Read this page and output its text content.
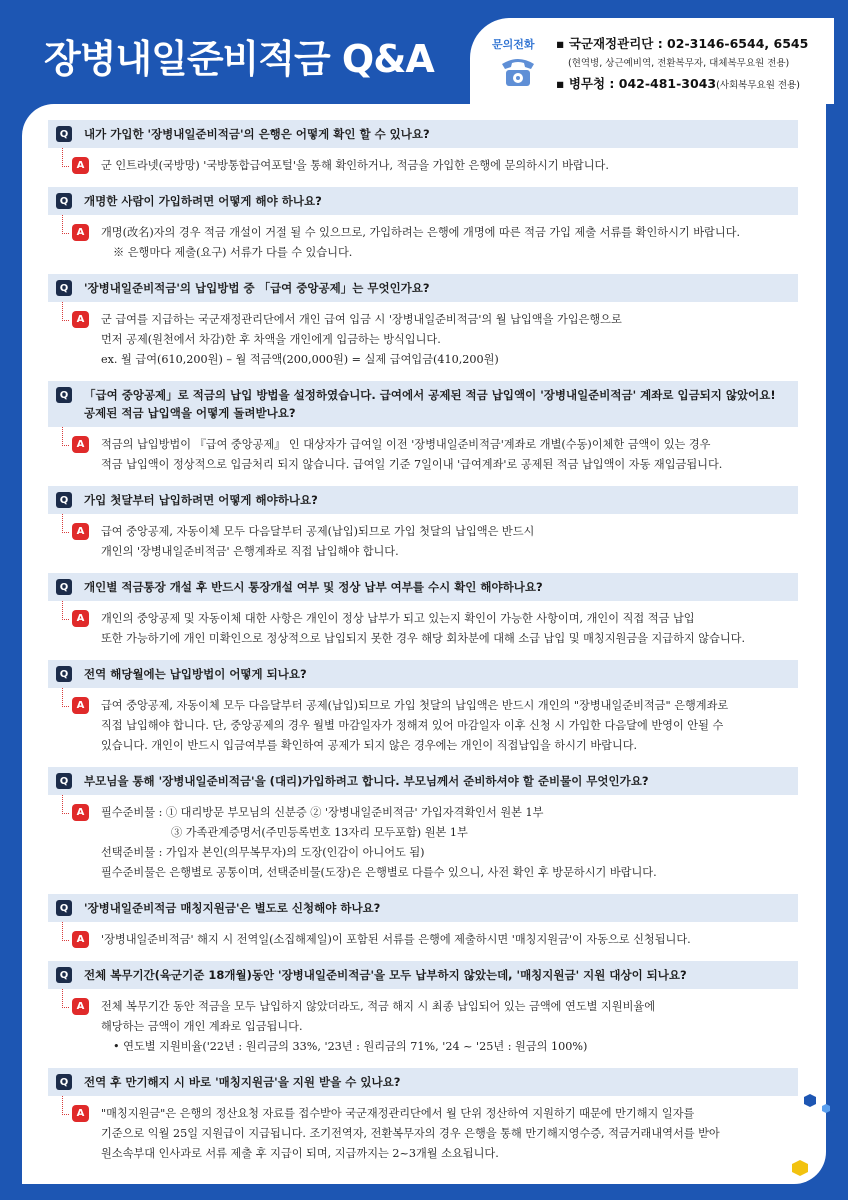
장병내일준비적금 Q&A	문의전화 ▪ 국군재정관리단 : 02-3146-6544, 6545
(현역병, 상근예비역, 전환복무자, 대체복무요원 전용)
▪ 병무청 : 042-481-3043(사회복무요원 전용)
Q	내가 가입한 '장병내일준비적금'의 은행은 어떻게 확인 할 수 있나요?
A	군 인트라넷(국방망) '국방통합급여포털'을 통해 확인하거나, 적금을 가입한 은행에 문의하시기 바랍니다.
Q	개명한 사람이 가입하려면 어떻게 해야 하나요?
A	개명(改名)자의 경우 적금 개설이 거절 될 수 있으므로, 가입하려는 은행에 개명에 따른 적금 가입 제출 서류를 확인하시기 바랍니다.
※ 은행마다 제출(요구) 서류가 다를 수 있습니다.
Q	'장병내일준비적금'의 납입방법 중 「급여 중앙공제」는 무엇인가요?
A	군 급여를 지급하는 국군재정관리단에서 개인 급여 입금 시 '장병내일준비적금'의 월 납입액을 가입은행으로
먼저 공제(원천에서 차감)한 후 차액을 개인에게 입금하는 방식입니다.
ex. 월 급여(610,200원) – 월 적금액(200,000원) = 실제 급여입금(410,200원)
Q	「급여 중앙공제」로 적금의 납입 방법을 설정하였습니다. 급여에서 공제된 적금 납입액이 '장병내일준비적금' 계좌로 입금되지 않았어요!
공제된 적금 납입액을 어떻게 돌려받나요?
A	적금의 납입방법이 『급여 중앙공제』 인 대상자가 급여일 이전 '장병내일준비적금'계좌로 개별(수동)이체한 금액이 있는 경우
적금 납입액이 정상적으로 입금처리 되지 않습니다. 급여일 기준 7일이내 '급여계좌'로 공제된 적금 납입액이 자동 재입금됩니다.
Q	가입 첫달부터 납입하려면 어떻게 해야하나요?
A	급여 중앙공제, 자동이체 모두 다음달부터 공제(납입)되므로 가입 첫달의 납입액은 반드시
개인의 '장병내일준비적금' 은행계좌로 직접 납입해야 합니다.
Q	개인별 적금통장 개설 후 반드시 통장개설 여부 및 정상 납부 여부를 수시 확인 해야하나요?
A	개인의 중앙공제 및 자동이체 대한 사항은 개인이 정상 납부가 되고 있는지 확인이 가능한 사항이며, 개인이 직접 적금 납입
또한 가능하기에 개인 미확인으로 정상적으로 납입되지 못한 경우 해당 회차분에 대해 소급 납입 및 매칭지원금을 지급하지 않습니다.
Q	전역 해당월에는 납입방법이 어떻게 되나요?
A	급여 중앙공제, 자동이체 모두 다음달부터 공제(납입)되므로 가입 첫달의 납입액은 반드시 개인의 "장병내일준비적금" 은행계좌로
직접 납입해야 합니다. 단, 중앙공제의 경우 월별 마감일자가 정해져 있어 마감일자 이후 신청 시 가입한 다음달에 반영이 안될 수
있습니다. 개인이 반드시 입금여부를 확인하여 공제가 되지 않은 경우에는 개인이 직접납입을 하시기 바랍니다.
Q	부모님을 통해 '장병내일준비적금'을 (대리)가입하려고 합니다. 부모님께서 준비하셔야 할 준비물이 무엇인가요?
A	필수준비물 : ① 대리방문 부모님의 신분증 ② '장병내일준비적금' 가입자격확인서 원본 1부
③ 가족관계증명서(주민등록번호 13자리 모두포함) 원본 1부
선택준비물 : 가입자 본인(의무복무자)의 도장(인감이 아니어도 됨)
필수준비물은 은행별로 공통이며, 선택준비물(도장)은 은행별로 다를수 있으니, 사전 확인 후 방문하시기 바랍니다.
Q	'장병내일준비적금 매칭지원금'은 별도로 신청해야 하나요?
A	'장병내일준비적금' 해지 시 전역일(소집해제일)이 포함된 서류를 은행에 제출하시면 '매칭지원금'이 자동으로 신청됩니다.
Q	전체 복무기간(육군기준 18개월)동안 '장병내일준비적금'을 모두 납부하지 않았는데, '매칭지원금' 지원 대상이 되나요?
A	전체 복무기간 동안 적금을 모두 납입하지 않았더라도, 적금 해지 시 최종 납입되어 있는 금액에 연도별 지원비율에
해당하는 금액이 개인 계좌로 입금됩니다.
• 연도별 지원비율('22년 : 원리금의 33%, '23년 : 원리금의 71%, '24 ~ '25년 : 원금의 100%)
Q	전역 후 만기해지 시 바로 '매칭지원금'을 지원 받을 수 있나요?
A	"매칭지원금"은 은행의 정산요청 자료를 접수받아 국군재정관리단에서 월 단위 정산하여 지원하기 때문에 만기해지 일자를
기준으로 익월 25일 지원급이 지급됩니다. 조기전역자, 전환복무자의 경우 은행을 통해 만기해지영수증, 적금거래내역서를 받아
원소속부대 인사과로 서류 제출 후 지급이 되며, 지급까지는 2~3개월 소요됩니다.
